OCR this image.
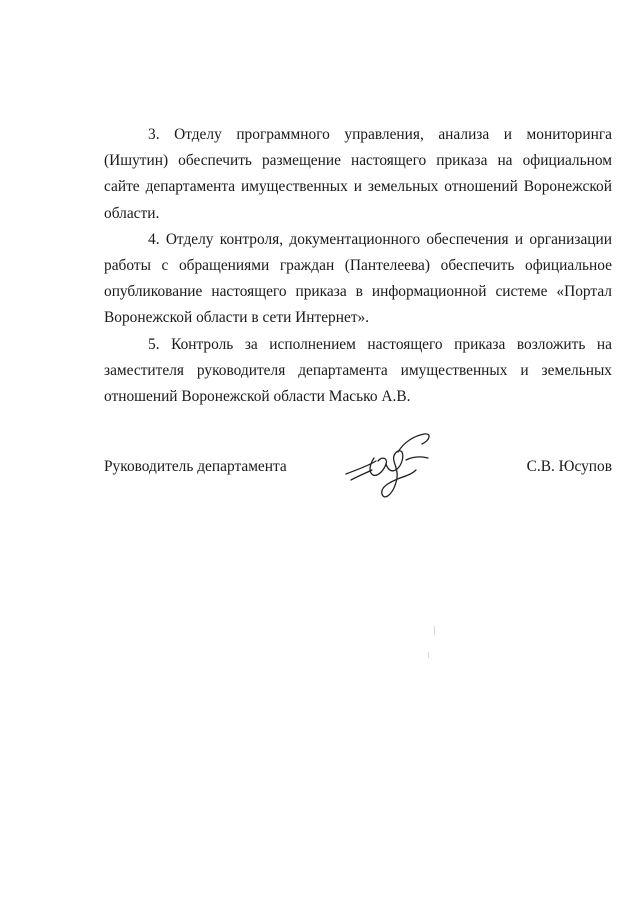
3. Отделу программного управления, анализа и мониторинга (Ишутин) обеспечить размещение настоящего приказа на официальном сайте департамента имущественных и земельных отношений Воронежской области.

4. Отделу контроля, документационного обеспечения и организации работы с обращениями граждан (Пантелеева) обеспечить официальное опубликование настоящего приказа в информационной системе «Портал Воронежской области в сети Интернет».

5. Контроль за исполнением настоящего приказа возложить на заместителя руководителя департамента имущественных и земельных отношений Воронежской области Масько А.В.

Руководитель департамента	С.В. Юсупов
